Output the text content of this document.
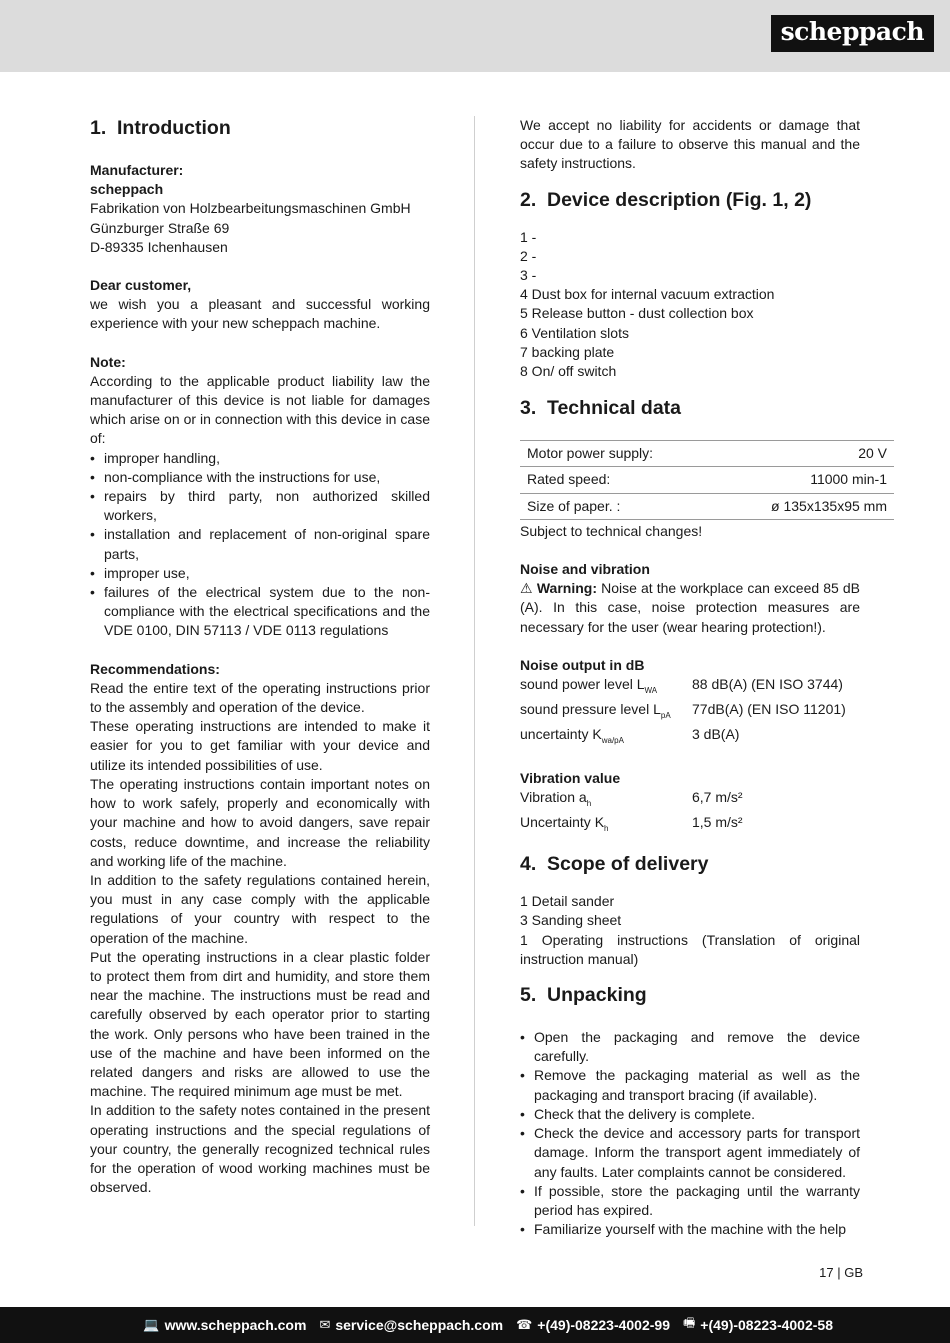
scheppach
1. Introduction

Manufacturer:

scheppach

Fabrikation von Holzbearbeitungsmaschinen GmbH

Günzburger Straße 69

D-89335 Ichenhausen

Dear customer,

we wish you a pleasant and successful working experience with your new scheppach machine.

Note:

According to the applicable product liability law the manufacturer of this device is not liable for damages which arise on or in connection with this device in case of:

• improper handling,
• non-compliance with the instructions for use,
• repairs by third party, non authorized skilled workers,
• installation and replacement of non-original spare parts,
• improper use,
• failures of the electrical system due to the non-compliance with the electrical specifications and the VDE 0100, DIN 57113 / VDE 0113 regulations

Recommendations:

Read the entire text of the operating instructions prior to the assembly and operation of the device.

These operating instructions are intended to make it easier for you to get familiar with your device and utilize its intended possibilities of use.

The operating instructions contain important notes on how to work safely, properly and economically with your machine and how to avoid dangers, save repair costs, reduce downtime, and increase the reliability and working life of the machine.

In addition to the safety regulations contained herein, you must in any case comply with the applicable regulations of your country with respect to the operation of the machine.

Put the operating instructions in a clear plastic folder to protect them from dirt and humidity, and store them near the machine. The instructions must be read and carefully observed by each operator prior to starting the work. Only persons who have been trained in the use of the machine and have been informed on the related dangers and risks are allowed to use the machine. The required minimum age must be met.

In addition to the safety notes contained in the present operating instructions and the special regulations of your country, the generally recognized technical rules for the operation of wood working machines must be observed.

We accept no liability for accidents or damage that occur due to a failure to observe this manual and the safety instructions.

2. Device description (Fig. 1, 2)

1 -

2 -

3 -

4 Dust box for internal vacuum extraction

5 Release button - dust collection box

6 Ventilation slots

7 backing plate

8 On/ off switch

3. Technical data
Motor power supply:	20 V
Rated speed:	11000 min-1
Size of paper. :	ø 135x135x95 mm

Subject to technical changes!

Noise and vibration

⚠ Warning: Noise at the workplace can exceed 85 dB (A). In this case, noise protection measures are necessary for the user (wear hearing protection!).

Noise output in dB

sound power level $L_{WA}$	88 dB(A) (EN ISO 3744)
sound pressure level $L_{pA}$	77dB(A) (EN ISO 11201)
uncertainty $K_{wa/pA}$	3 dB(A)

Vibration value

Vibration $a_h$	6,7 m/s²
Uncertainty $K_h$	1,5 m/s²
4. Scope of delivery

1 Detail sander

3 Sanding sheet

1 Operating instructions (Translation of original instruction manual)

5. Unpacking
• Open the packaging and remove the device carefully.
• Remove the packaging material as well as the packaging and transport bracing (if available).
• Check that the delivery is complete.
• Check the device and accessory parts for transport damage. Inform the transport agent immediately of any faults. Later complaints cannot be considered.
• If possible, store the packaging until the warranty period has expired.
• Familiarize yourself with the machine with the help
17 | GB
💻 www.scheppach.com ✉ service@scheppach.com ☎ +(49)-08223-4002-99 🖷 +(49)-08223-4002-58
